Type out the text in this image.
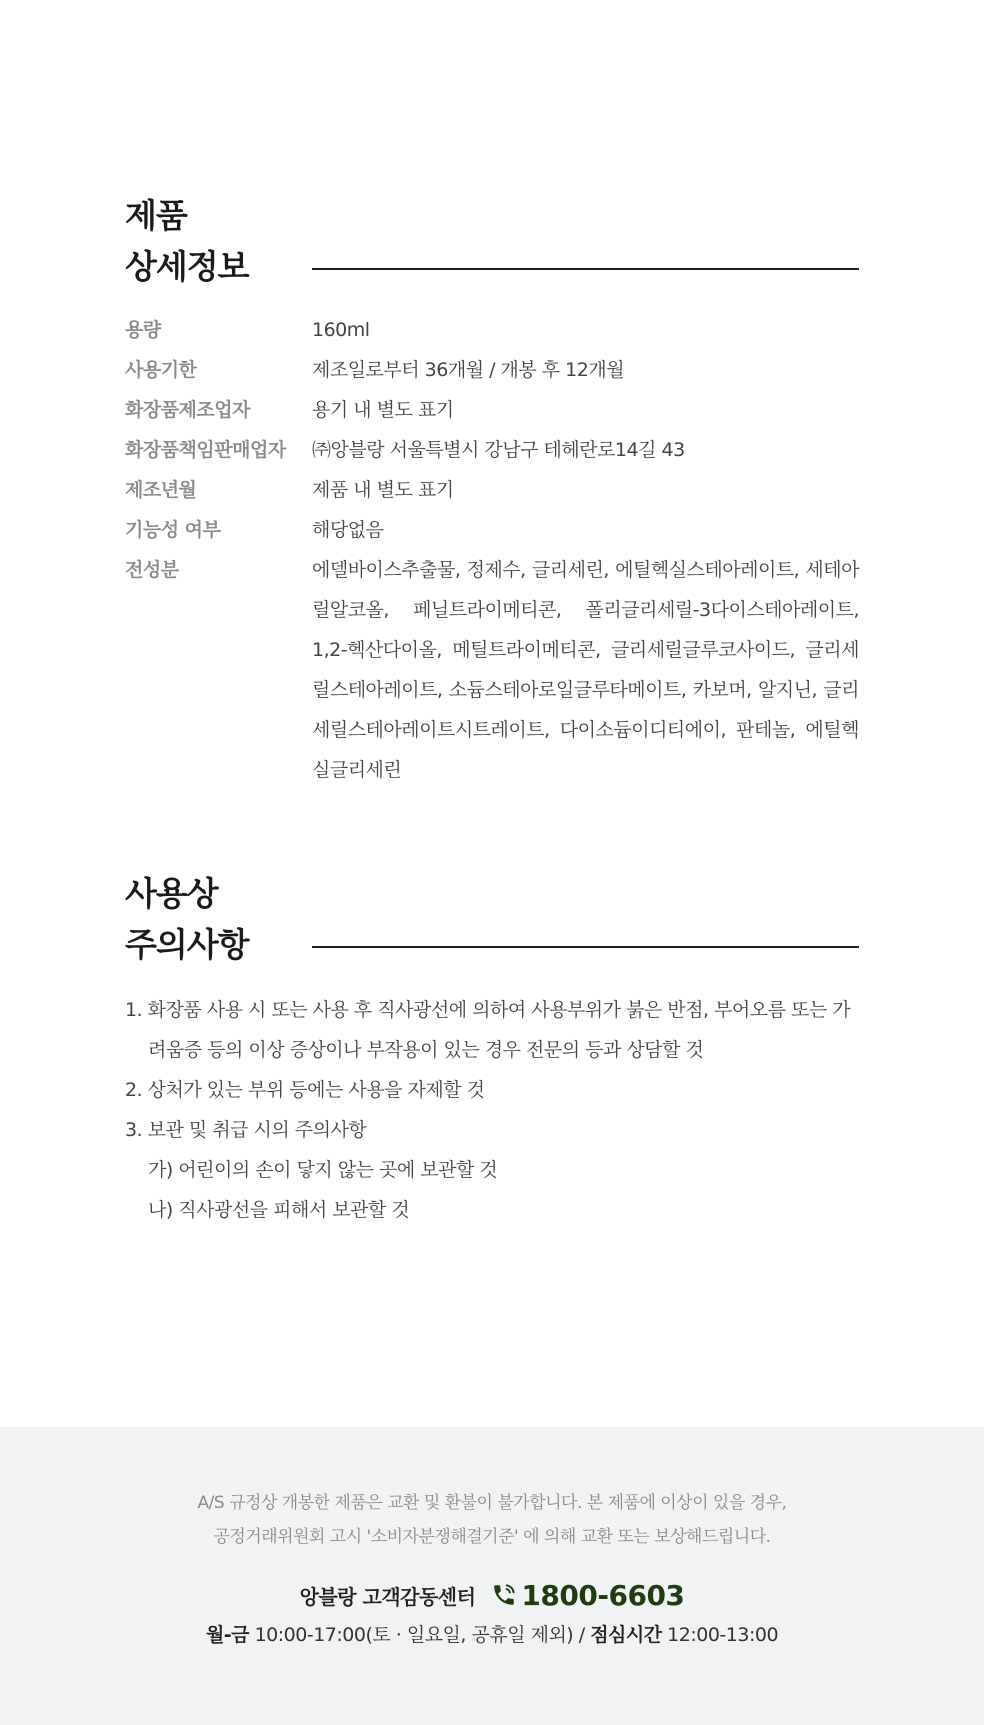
제품
상세정보
용량	160ml
사용기한	제조일로부터 36개월 / 개봉 후 12개월
화장품제조업자	용기 내 별도 표기
화장품책임판매업자	㈜앙블랑 서울특별시 강남구 테헤란로14길 43
제조년월	제품 내 별도 표기
기능성 여부	해당없음
전성분	에델바이스추출물, 정제수, 글리세린, 에틸헥실스테아레이트, 세테아릴알코올, 페닐트라이메티콘, 폴리글리세릴-3다이스테아레이트, 1,2-헥산다이올, 메틸트라이메티콘, 글리세릴글루코사이드, 글리세릴스테아레이트, 소듐스테아로일글루타메이트, 카보머, 알지닌, 글리세릴스테아레이트시트레이트, 다이소듐이디티에이, 판테놀, 에틸헥실글리세린
사용상
주의사항
1. 화장품 사용 시 또는 사용 후 직사광선에 의하여 사용부위가 붉은 반점, 부어오름 또는 가려움증 등의 이상 증상이나 부작용이 있는 경우 전문의 등과 상담할 것
2. 상처가 있는 부위 등에는 사용을 자제할 것
3. 보관 및 취급 시의 주의사항
가) 어린이의 손이 닿지 않는 곳에 보관할 것
나) 직사광선을 피해서 보관할 것
A/S 규정상 개봉한 제품은 교환 및 환불이 불가합니다. 본 제품에 이상이 있을 경우,
공정거래위원회 고시 '소비자분쟁해결기준' 에 의해 교환 또는 보상해드립니다.
앙블랑 고객감동센터 1800-6603
월-금 10:00-17:00(토 · 일요일, 공휴일 제외) / 점심시간 12:00-13:00
